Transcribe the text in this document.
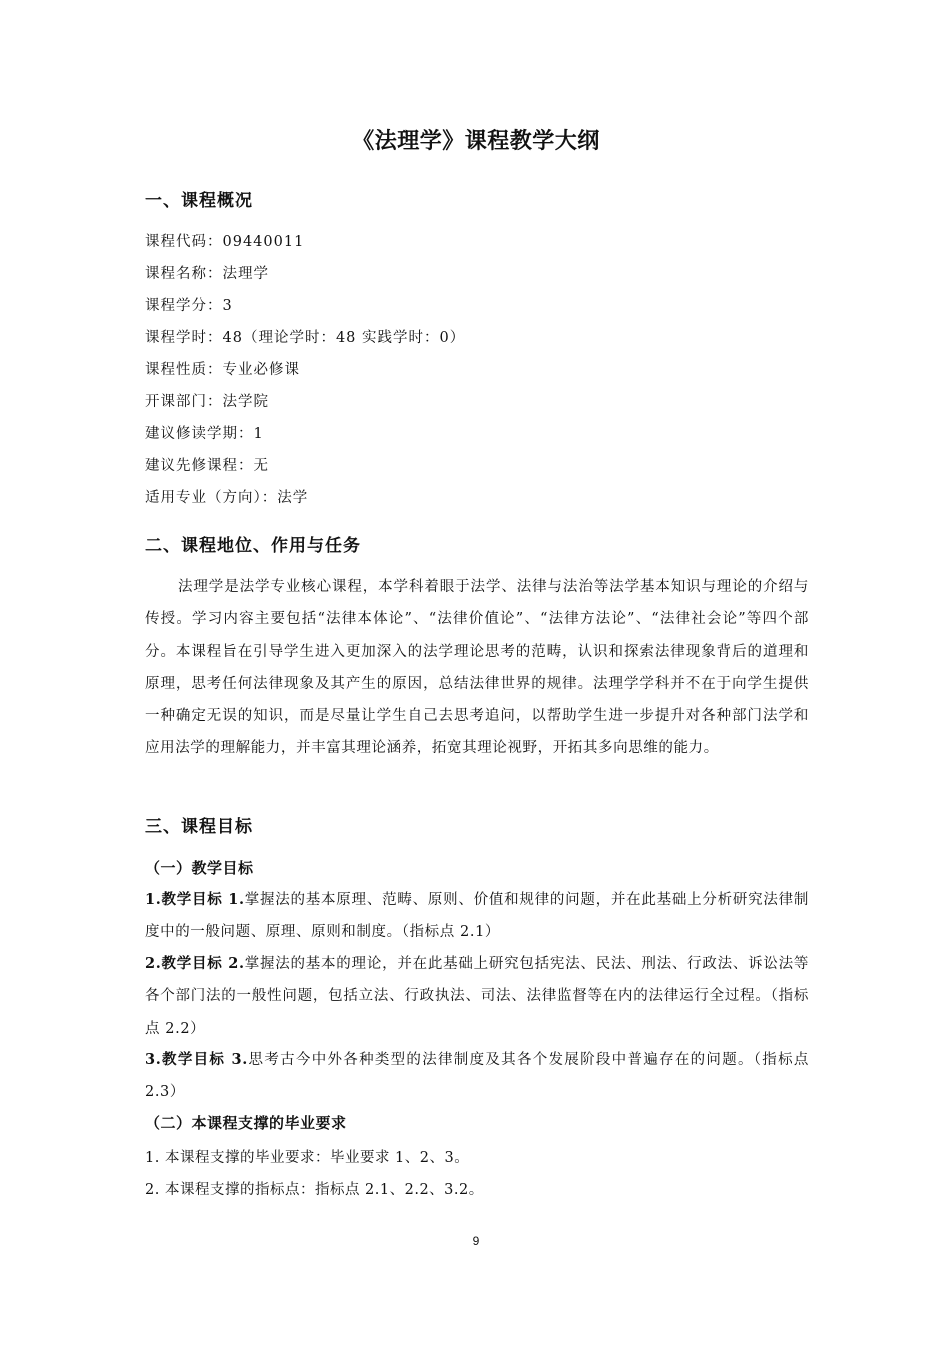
《法理学》课程教学大纲
一、课程概况
课程代码：09440011
课程名称：法理学
课程学分：3
课程学时：48（理论学时：48 实践学时：0）
课程性质：专业必修课
开课部门：法学院
建议修读学期：1
建议先修课程：无
适用专业（方向）：法学
二、课程地位、作用与任务

法理学是法学专业核心课程，本学科着眼于法学、法律与法治等法学基本知识与理论的介绍与传授。学习内容主要包括“法律本体论”、“法律价值论”、“法律方法论”、“法律社会论”等四个部分。本课程旨在引导学生进入更加深入的法学理论思考的范畴，认识和探索法律现象背后的道理和原理，思考任何法律现象及其产生的原因，总结法律世界的规律。法理学学科并不在于向学生提供一种确定无误的知识，而是尽量让学生自己去思考追问，以帮助学生进一步提升对各种部门法学和应用法学的理解能力，并丰富其理论涵养，拓宽其理论视野，开拓其多向思维的能力。

三、课程目标
（一）教学目标

1.教学目标 1.掌握法的基本原理、范畴、原则、价值和规律的问题，并在此基础上分析研究法律制度中的一般问题、原理、原则和制度。（指标点 2.1）

2.教学目标 2.掌握法的基本的理论，并在此基础上研究包括宪法、民法、刑法、行政法、诉讼法等各个部门法的一般性问题，包括立法、行政执法、司法、法律监督等在内的法律运行全过程。（指标点 2.2）

3.教学目标 3.思考古今中外各种类型的法律制度及其各个发展阶段中普遍存在的问题。（指标点 2.3）

（二）本课程支撑的毕业要求
1. 本课程支撑的毕业要求：毕业要求 1、2、3。
2. 本课程支撑的指标点：指标点 2.1、2.2、3.2。
9
